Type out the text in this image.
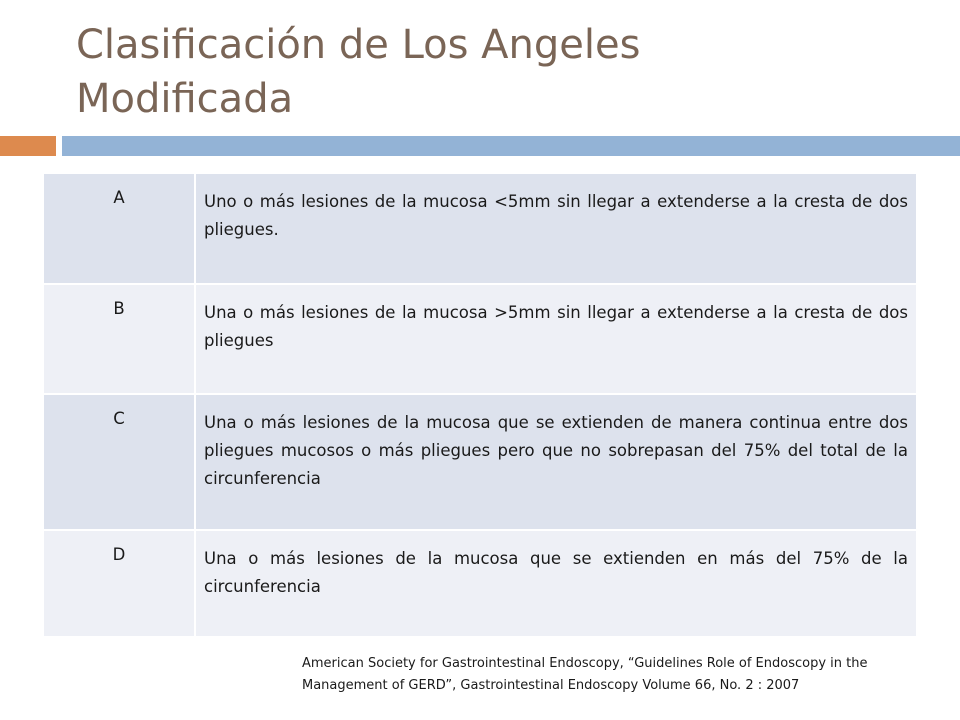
Clasificación de Los Angeles
Modificada
A	Uno o más lesiones de la mucosa <5mm sin llegar a extenderse a la cresta de dos pliegues.
B	Una o más lesiones de la mucosa >5mm sin llegar a extenderse a la cresta de dos pliegues
C	Una o más lesiones de la mucosa que se extienden de manera continua entre dos pliegues mucosos o más pliegues pero que no sobrepasan del 75% del total de la circunferencia
D	Una o más lesiones de la mucosa que se extienden en más del 75% de la circunferencia

American Society for Gastrointestinal Endoscopy, “Guidelines Role of Endoscopy in the
Management of GERD”, Gastrointestinal Endoscopy Volume 66, No. 2 : 2007
